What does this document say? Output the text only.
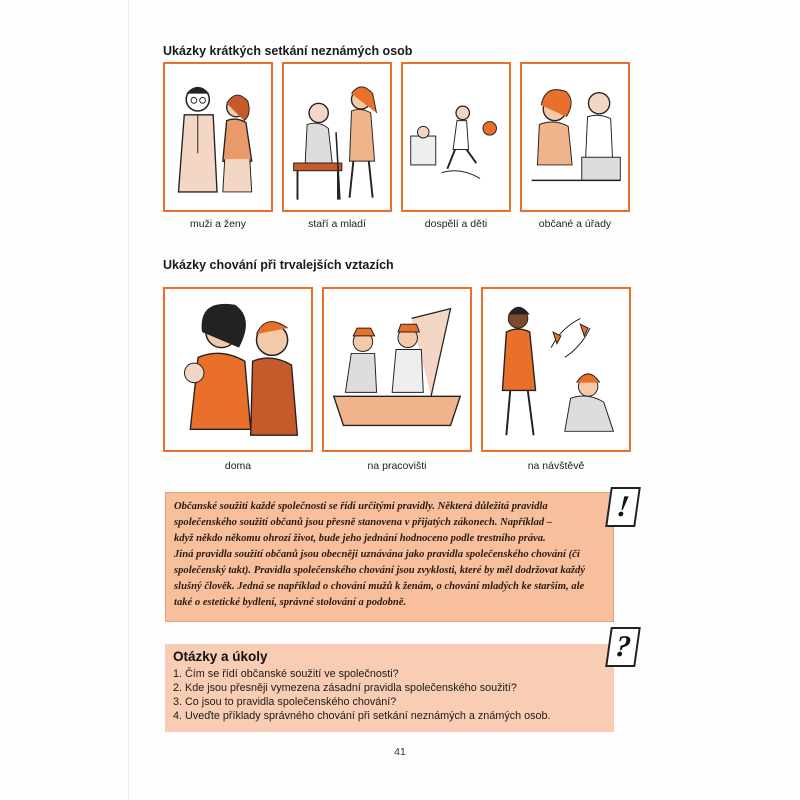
Ukázky krátkých setkání neznámých osob
muži a ženy	staří a mladí	dospělí a děti	občané a úřady
Ukázky chování při trvalejších vztazích
doma	na pracovišti	na návštěvě
Občanské soužití každé společnosti se řídí určitými pravidly. Některá důležitá pravidla
společenského soužití občanů jsou přesně stanovena v přijatých zákonech. Například –
když někdo někomu ohrozí život, bude jeho jednání hodnoceno podle trestního práva.
Jiná pravidla soužití občanů jsou obecněji uznávána jako pravidla společenského chování (či
společenský takt). Pravidla společenského chování jsou zvyklosti, které by měl dodržovat každý
slušný člověk. Jedná se například o chování mužů k ženám, o chování mladých ke starším, ale
také o estetické bydlení, správné stolování a podobně.
!
Otázky a úkoly
1. Čím se řídí občanské soužití ve společnosti?
2. Kde jsou přesněji vymezena zásadní pravidla společenského soužití?
3. Co jsou to pravidla společenského chování?
4. Uveďte příklady správného chování při setkání neznámých a známých osob.
?
41
